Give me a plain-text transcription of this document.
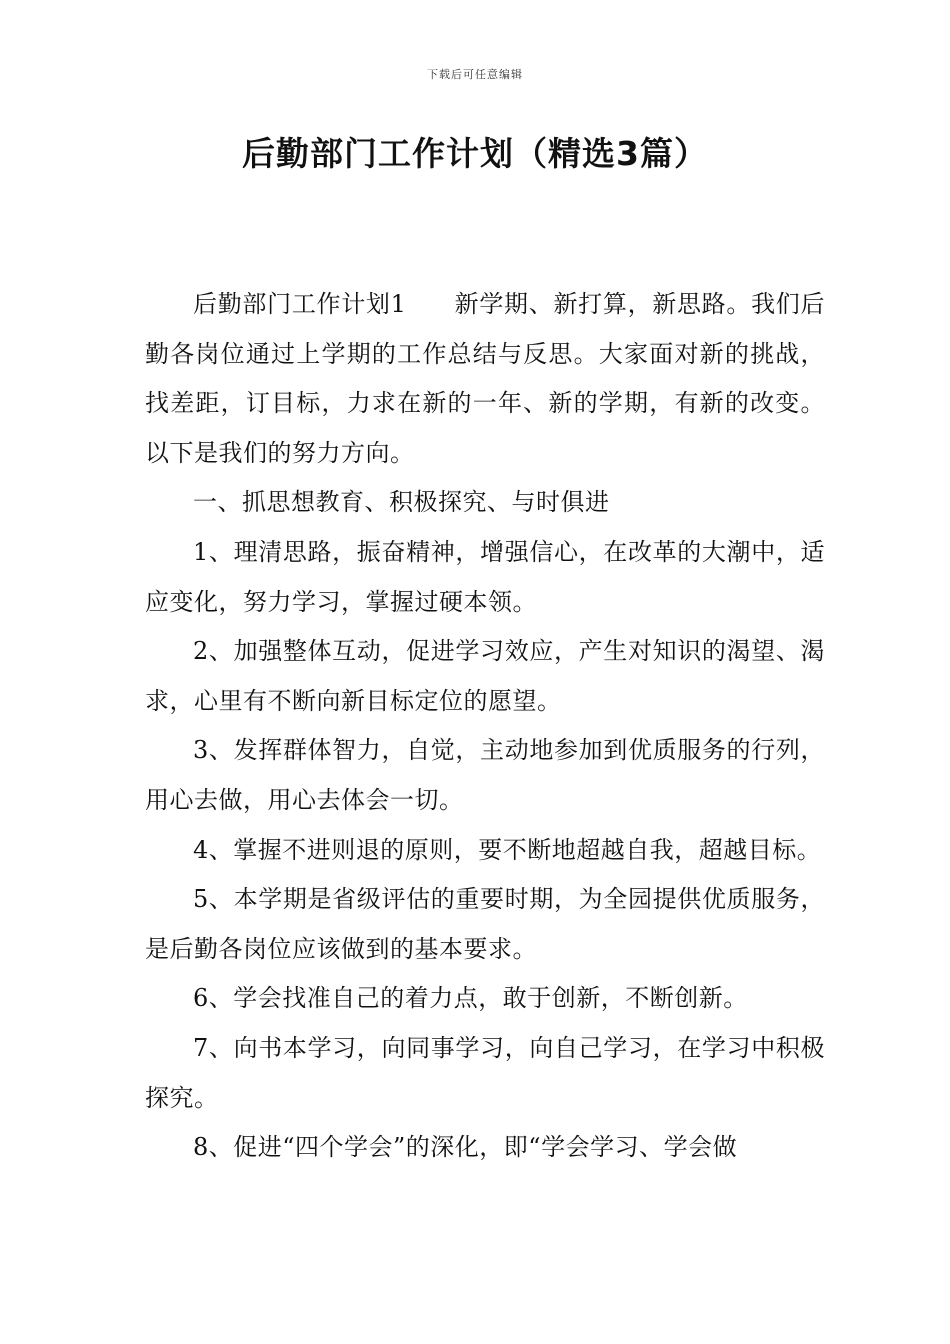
下载后可任意编辑
后勤部门工作计划（精选3篇）

后勤部门工作计划1 新学期、新打算，新思路。我们后勤各岗位通过上学期的工作总结与反思。大家面对新的挑战，找差距，订目标，力求在新的一年、新的学期，有新的改变。以下是我们的努力方向。

一、抓思想教育、积极探究、与时俱进

1、理清思路，振奋精神，增强信心，在改革的大潮中，适应变化，努力学习，掌握过硬本领。

2、加强整体互动，促进学习效应，产生对知识的渴望、渴求，心里有不断向新目标定位的愿望。

3、发挥群体智力，自觉，主动地参加到优质服务的行列，用心去做，用心去体会一切。

4、掌握不进则退的原则，要不断地超越自我，超越目标。

5、本学期是省级评估的重要时期，为全园提供优质服务，是后勤各岗位应该做到的基本要求。

6、学会找准自己的着力点，敢于创新，不断创新。

7、向书本学习，向同事学习，向自己学习，在学习中积极探究。

8、促进“四个学会”的深化，即“学会学习、学会做
